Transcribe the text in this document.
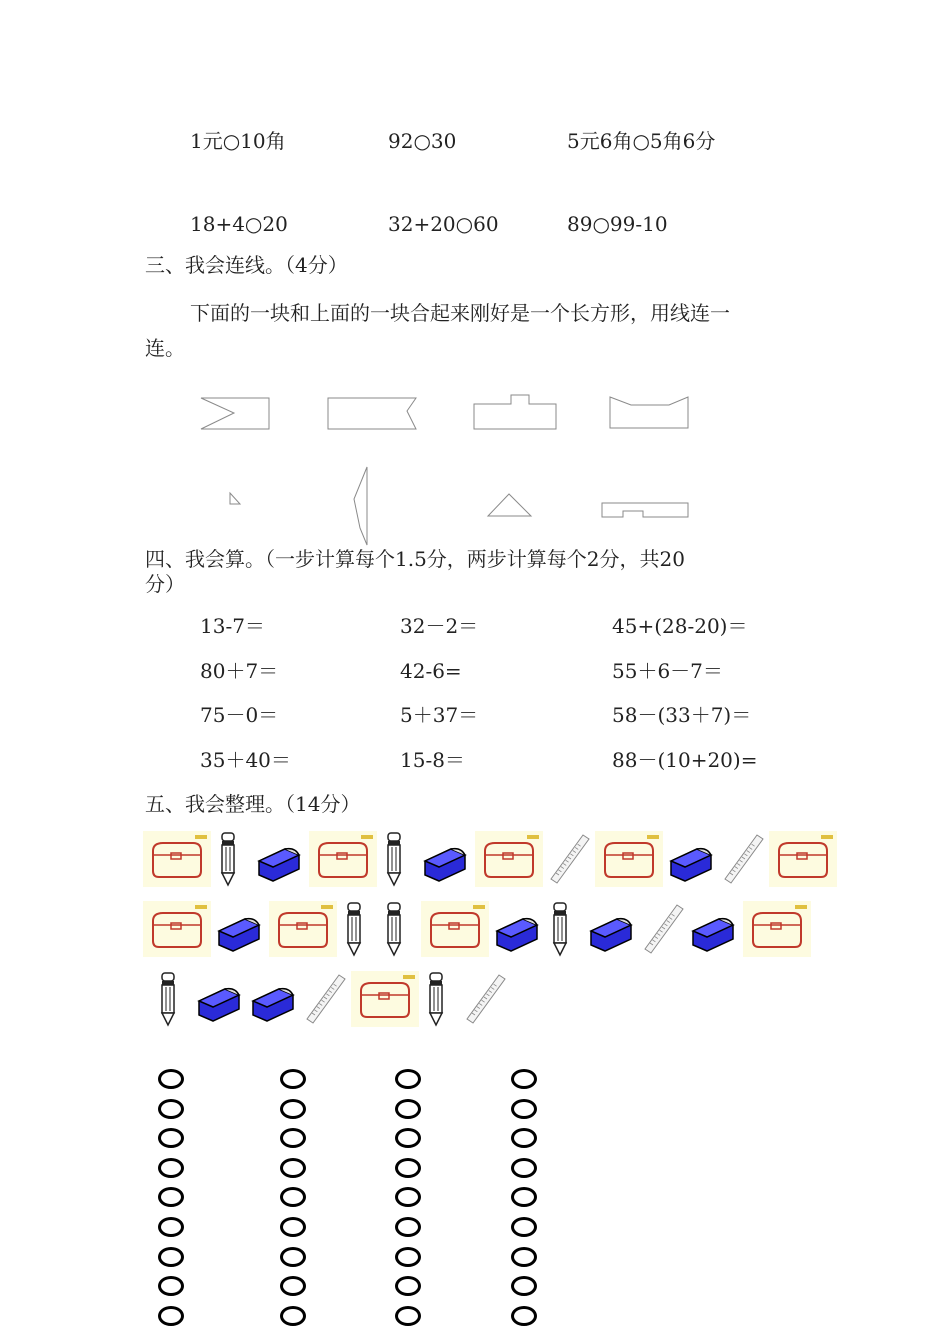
1元○10角	92○30	5元6角○5角6分
18+4○20	32+20○60	89○99-10
三、我会连线。（4分）
下面的一块和上面的一块合起来刚好是一个长方形，用线连一
连。
四、我会算。（一步计算每个1.5分，两步计算每个2分，共20
分）
13-7＝	32－2＝	45+(28-20)＝
80＋7＝	42-6=	55＋6－7＝
75－0＝	5＋37＝	58－(33＋7)＝
35＋40＝	15-8＝	88－(10+20)=
五、我会整理。（14分）
